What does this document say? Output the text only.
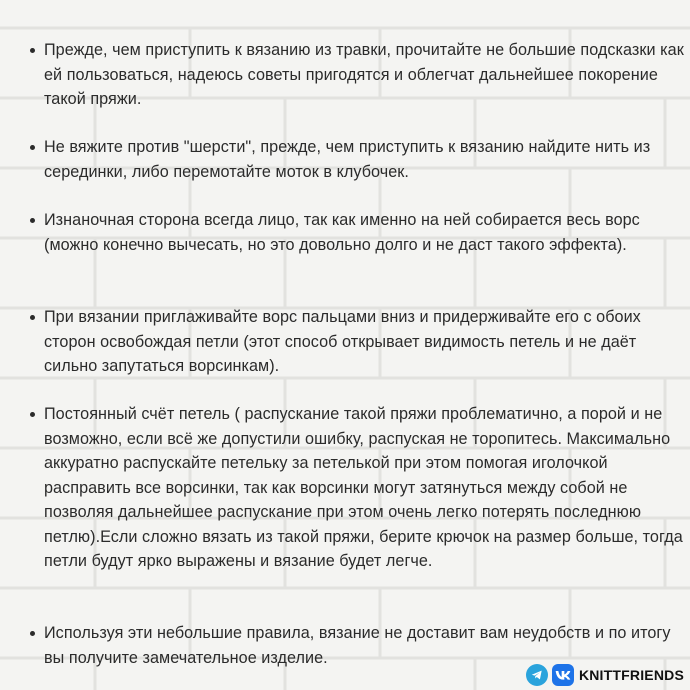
Прежде, чем приступить к вязанию из травки, прочитайте не большие подсказки как ей пользоваться, надеюсь советы пригодятся и облегчат дальнейшее покорение такой пряжи.
Не вяжите против "шерсти", прежде, чем приступить к вязанию найдите нить из серединки, либо перемотайте моток в клубочек.
Изнаночная сторона всегда лицо, так как именно на ней собирается весь ворс (можно конечно вычесать, но это довольно долго и не даст такого эффекта).
При вязании приглаживайте ворс пальцами вниз и придерживайте его с обоих сторон освобождая петли (этот способ открывает видимость петель и не даёт сильно запутаться ворсинкам).
Постоянный счёт петель ( распускание такой пряжи проблематично, а порой и не возможно, если всё же допустили ошибку, распуская не торопитесь. Максимально аккуратно распускайте петельку за петелькой при этом помогая иголочкой расправить все ворсинки, так как ворсинки могут затянуться между собой не позволяя дальнейшее распускание при этом очень легко потерять последнюю петлю).Если сложно вязать из такой пряжи, берите крючок на размер больше, тогда петли будут ярко выражены и вязание будет легче.
Используя эти небольшие правила, вязание не доставит вам неудобств и по итогу вы получите замечательное изделие.
KNITTFRIENDS
